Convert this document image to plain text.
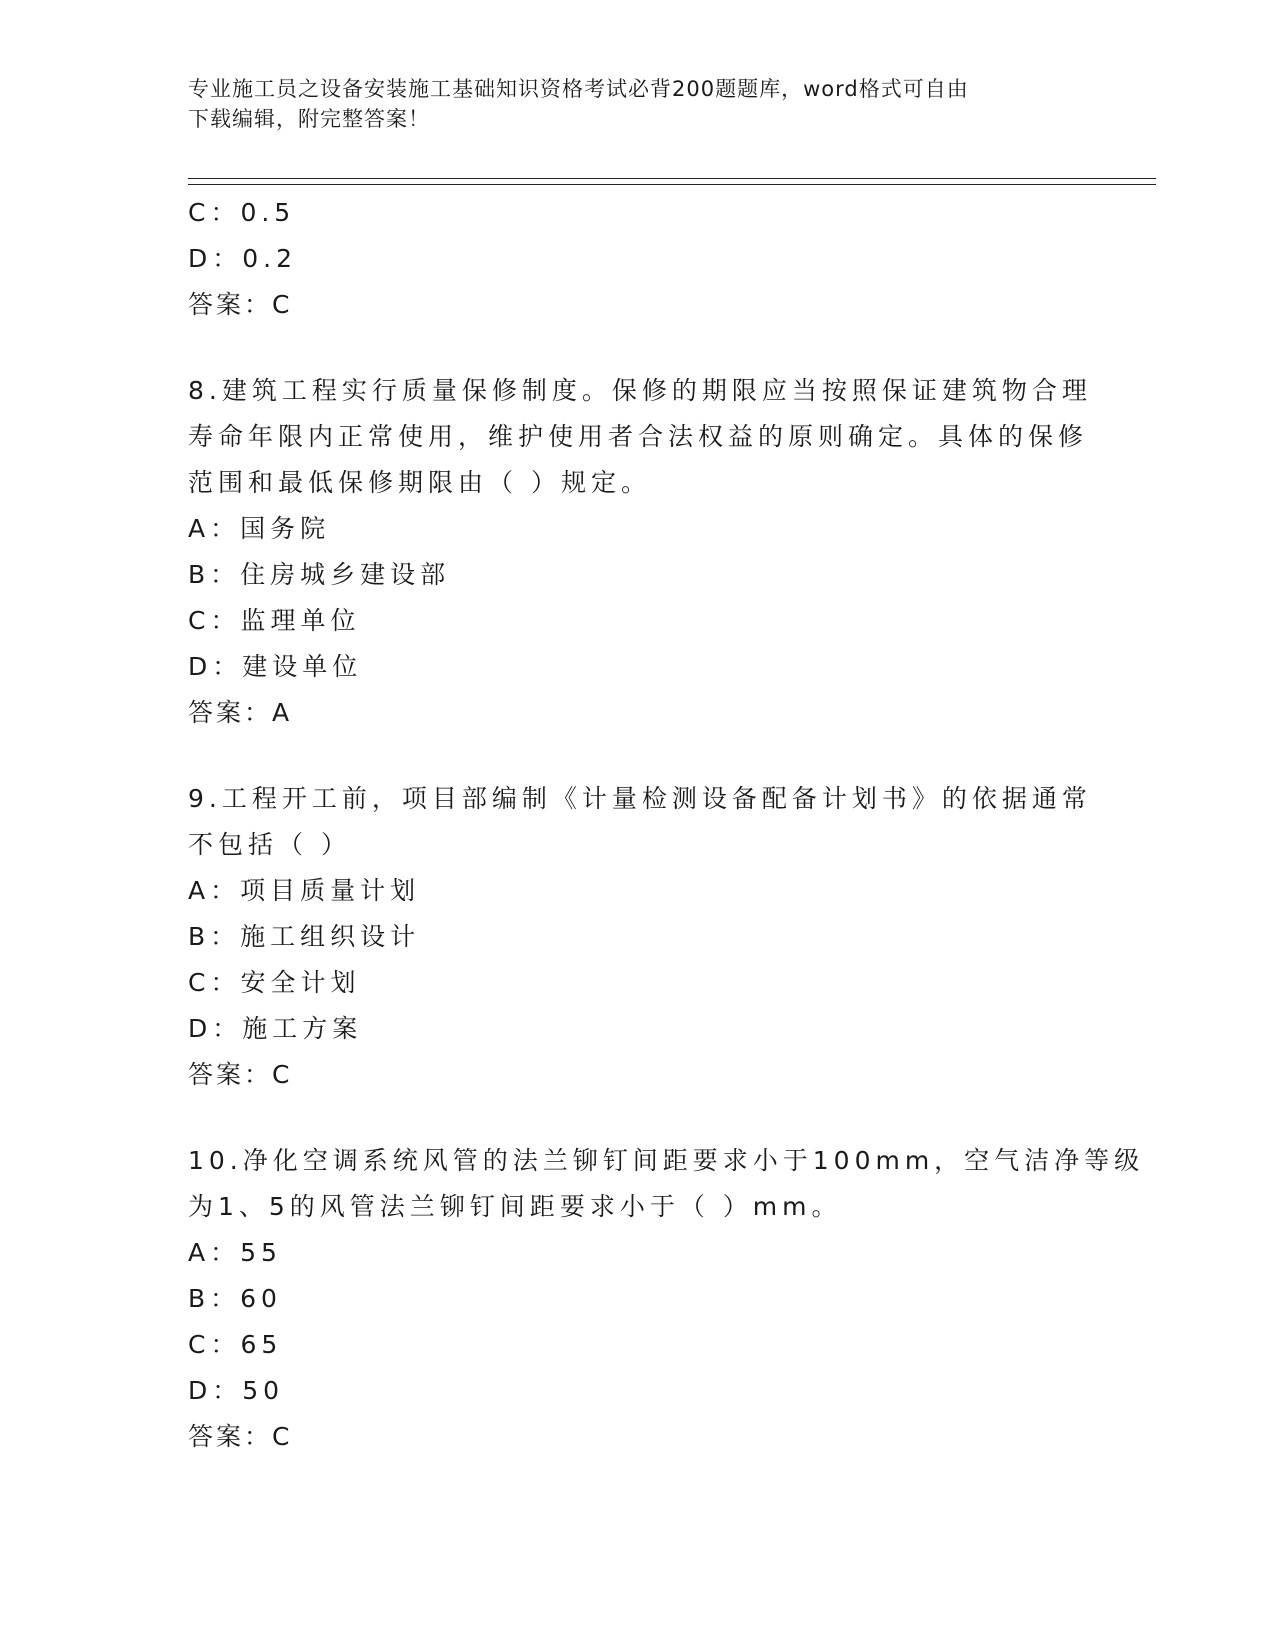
专业施工员之设备安装施工基础知识资格考试必背200题题库，word格式可自由
下载编辑，附完整答案！
C：0.5
D：0.2
答案：C
8.建筑工程实行质量保修制度。保修的期限应当按照保证建筑物合理
寿命年限内正常使用，维护使用者合法权益的原则确定。具体的保修
范围和最低保修期限由（ ）规定。
A：国务院
B：住房城乡建设部
C：监理单位
D：建设单位
答案：A
9.工程开工前，项目部编制《计量检测设备配备计划书》的依据通常
不包括（ ）
A：项目质量计划
B：施工组织设计
C：安全计划
D：施工方案
答案：C
10.净化空调系统风管的法兰铆钉间距要求小于100mm，空气洁净等级
为1、5的风管法兰铆钉间距要求小于（ ）mm。
A：55
B：60
C：65
D：50
答案：C
